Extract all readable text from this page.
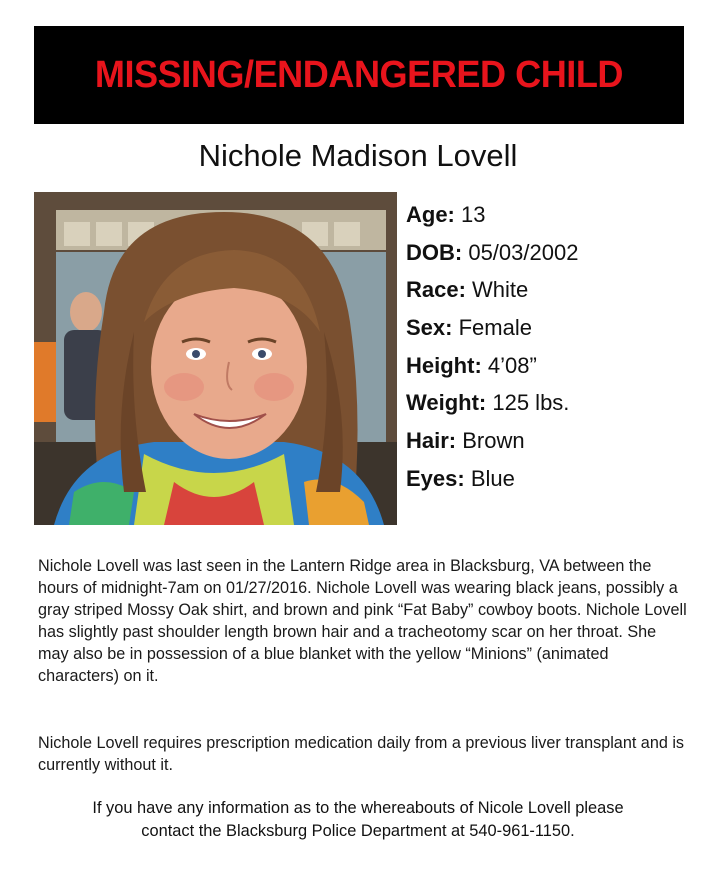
MISSING/ENDANGERED CHILD
Nichole Madison Lovell
Age: 13
DOB: 05/03/2002
Race: White
Sex: Female
Height: 4’08”
Weight: 125 lbs.
Hair: Brown
Eyes: Blue

Nichole Lovell was last seen in the Lantern Ridge area in Blacksburg, VA between the hours of midnight-7am on 01/27/2016. Nichole Lovell was wearing black jeans, possibly a gray striped Mossy Oak shirt, and brown and pink “Fat Baby” cowboy boots. Nichole Lovell has slightly past shoulder length brown hair and a tracheotomy scar on her throat. She may also be in possession of a blue blanket with the yellow “Minions” (animated characters) on it.

Nichole Lovell requires prescription medication daily from a previous liver transplant and is currently without it.

If you have any information as to the whereabouts of Nicole Lovell please
contact the Blacksburg Police Department at 540-961-1150.
